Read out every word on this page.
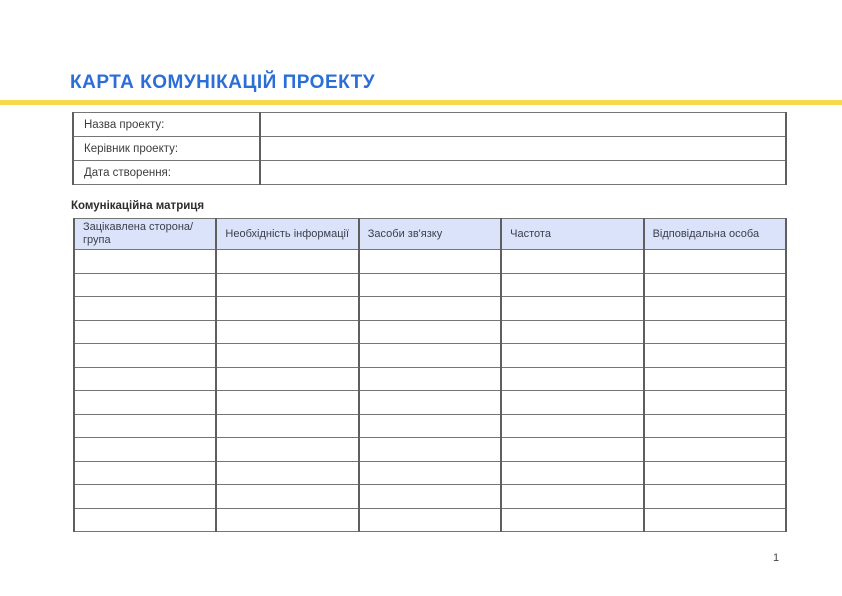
КАРТА КОМУНІКАЦІЙ ПРОЕКТУ
Назва проекту:	
Керівник проекту:	
Дата створення:	
Комунікаційна матриця
Зацікавлена сторона/група	Необхідність інформації	Засоби зв'язку	Частота	Відповідальна особа

1
